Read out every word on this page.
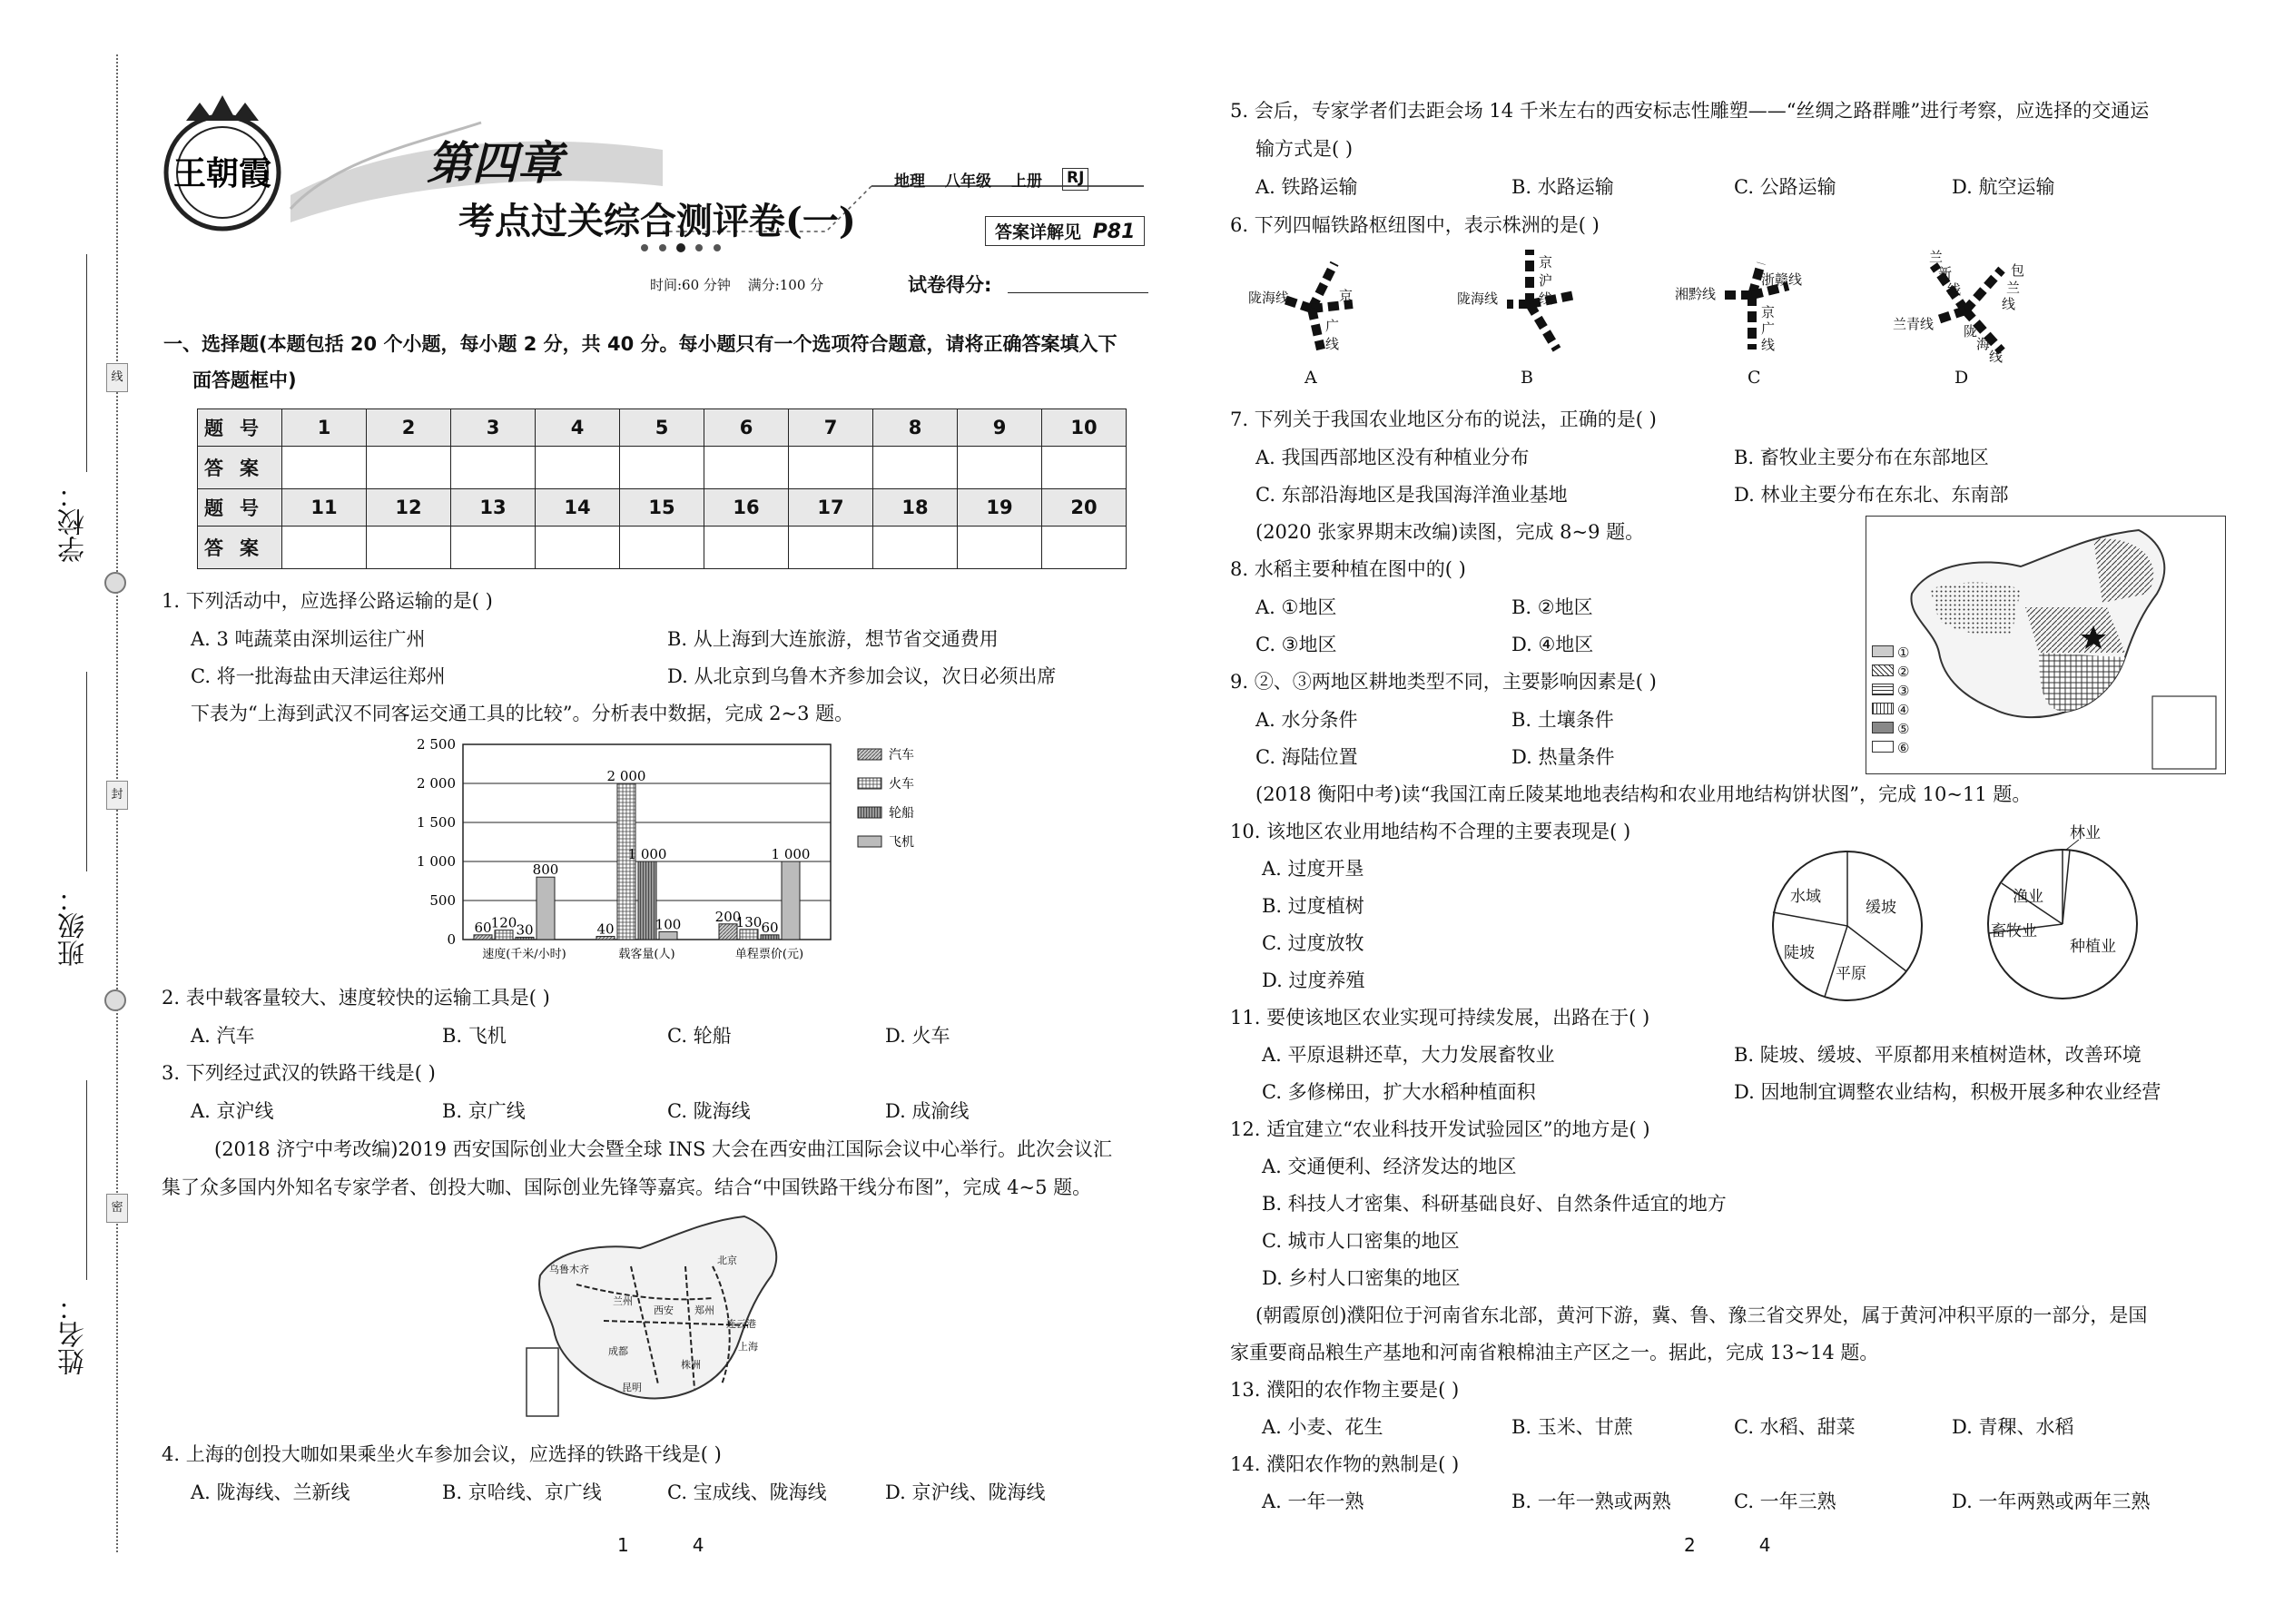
学校：
线
班级：
封
姓名：
密
王朝霞	第四章
考点过关综合测评卷(一)
地理 八年级 上册 RJ
答案详解见 P81
时间:60 分钟 满分:100 分	试卷得分:
一、选择题(本题包括 20 个小题，每小题 2 分，共 40 分。每小题只有一个选项符合题意，请将正确答案填入下
面答题框中)
题号	1	2	3	4	5	6	7	8	9	10
答案										
题号	11	12	13	14	15	16	17	18	19	20
答案										
1. 下列活动中，应选择公路运输的是( )
A. 3 吨蔬菜由深圳运往广州	B. 从上海到大连旅游，想节省交通费用
C. 将一批海盐由天津运往郑州	D. 从北京到乌鲁木齐参加会议，次日必须出席
下表为“上海到武汉不同客运交通工具的比较”。分析表中数据，完成 2~3 题。
0
500
1 000
1 500
2 000
2 500
60 120 30
800
速度(千米/小时)
40
2 000
1 000
100
载客量(人)
200
130 60
1 000
单程票价(元)
汽车
火车
轮船
飞机
2. 表中载客量较大、速度较快的运输工具是( )
A. 汽车	B. 飞机	C. 轮船	D. 火车
3. 下列经过武汉的铁路干线是( )
A. 京沪线	B. 京广线	C. 陇海线	D. 成渝线
(2018 济宁中考改编)2019 西安国际创业大会暨全球 INS 大会在西安曲江国际会议中心举行。此次会议汇
集了众多国内外知名专家学者、创投大咖、国际创业先锋等嘉宾。结合“中国铁路干线分布图”，完成 4~5 题。
乌鲁木齐
北京
西安
兰州
郑州
上海
株洲
成都
昆明
连云港
4. 上海的创投大咖如果乘坐火车参加会议，应选择的铁路干线是( )
A. 陇海线、兰新线	B. 京哈线、京广线	C. 宝成线、陇海线	D. 京沪线、陇海线
1	4
5. 会后，专家学者们去距会场 14 千米左右的西安标志性雕塑——“丝绸之路群雕”进行考察，应选择的交通运
输方式是( )
A. 铁路运输	B. 水路运输	C. 公路运输	D. 航空运输
6. 下列四幅铁路枢纽图中，表示株洲的是( )
陇海线	京
广
线
A
陇海线
京
沪
线
B
湘黔线
浙赣线
京
广
线
C
兰
新
线
包
兰
线
兰青线 陇
海
线
D
7. 下列关于我国农业地区分布的说法，正确的是( )
A. 我国西部地区没有种植业分布	B. 畜牧业主要分布在东部地区
C. 东部沿海地区是我国海洋渔业基地	D. 林业主要分布在东北、东南部
(2020 张家界期末改编)读图，完成 8~9 题。
①
②
③
④
⑤
⑥
8. 水稻主要种植在图中的( )
A. ①地区	B. ②地区
C. ③地区	D. ④地区
9. ②、③两地区耕地类型不同，主要影响因素是( )
A. 水分条件	B. 土壤条件
C. 海陆位置	D. 热量条件
(2018 衡阳中考)读“我国江南丘陵某地地表结构和农业用地结构饼状图”，完成 10~11 题。
10. 该地区农业用地结构不合理的主要表现是( )
A. 过度开垦
B. 过度植树
C. 过度放牧
D. 过度养殖
水域
缓坡
陡坡
平原
林业
渔业
畜牧业
种植业
11. 要使该地区农业实现可持续发展，出路在于( )
A. 平原退耕还草，大力发展畜牧业	B. 陡坡、缓坡、平原都用来植树造林，改善环境
C. 多修梯田，扩大水稻种植面积	D. 因地制宜调整农业结构，积极开展多种农业经营
12. 适宜建立“农业科技开发试验园区”的地方是( )
A. 交通便利、经济发达的地区
B. 科技人才密集、科研基础良好、自然条件适宜的地方
C. 城市人口密集的地区
D. 乡村人口密集的地区
(朝霞原创)濮阳位于河南省东北部，黄河下游，冀、鲁、豫三省交界处，属于黄河冲积平原的一部分，是国
家重要商品粮生产基地和河南省粮棉油主产区之一。据此，完成 13~14 题。
13. 濮阳的农作物主要是( )
A. 小麦、花生	B. 玉米、甘蔗	C. 水稻、甜菜	D. 青稞、水稻
14. 濮阳农作物的熟制是( )
A. 一年一熟	B. 一年一熟或两熟	C. 一年三熟	D. 一年两熟或两年三熟
2	4
